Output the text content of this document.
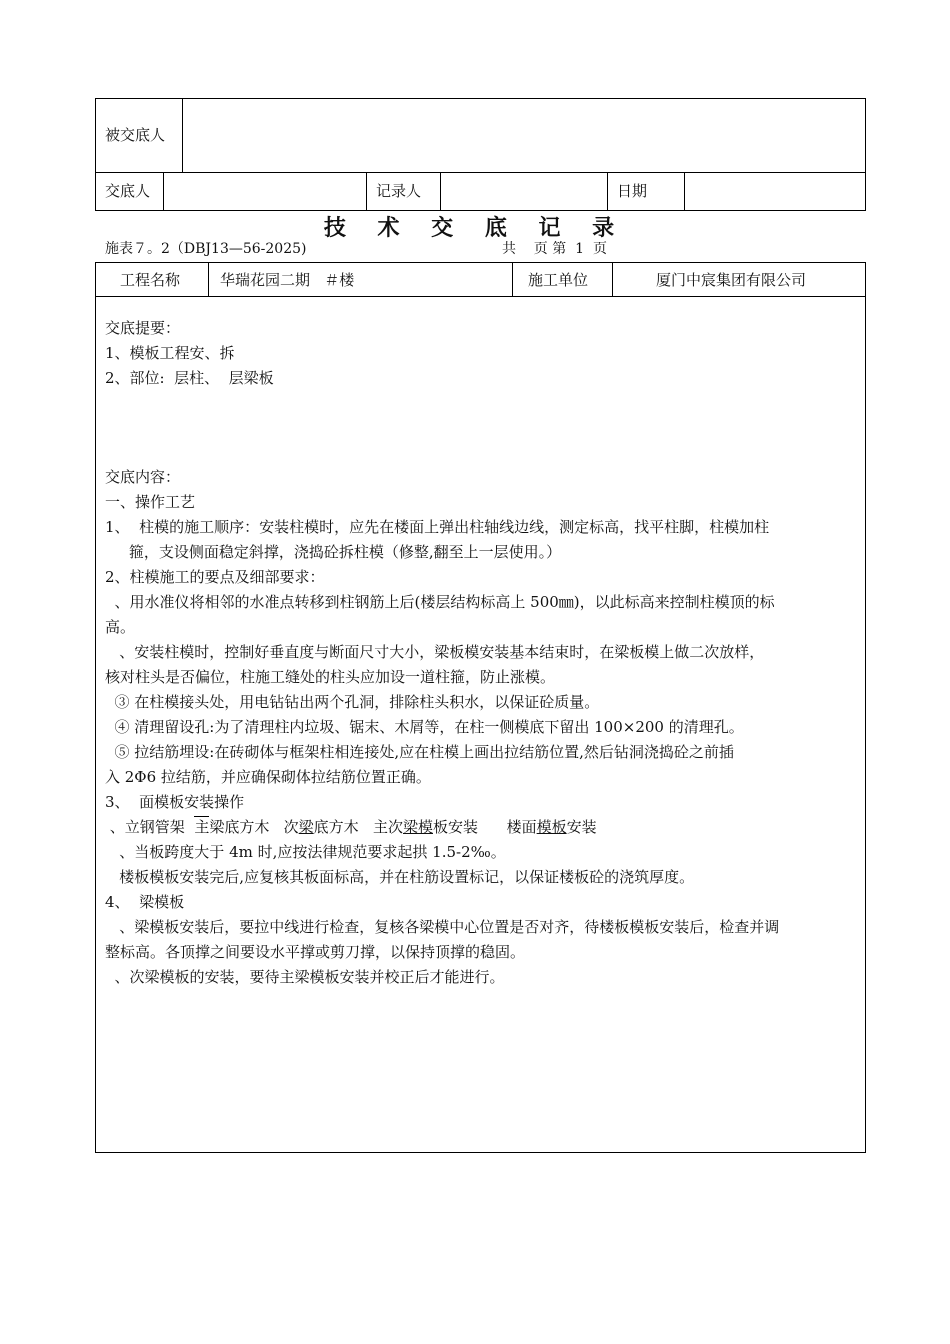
被交底人
交底人	记录人	日期
技 术 交 底 记 录
施表７。2（DBJ13—56-2025)	共    页 第  1  页
工程名称	华瑞花园二期   ＃楼	施工单位	厦门中宸集团有限公司
交底提要：
1、模板工程安、拆
2、部位:  层柱、  层梁板
交底内容：
一、操作工艺
1、  柱模的施工顺序：安装柱模时，应先在楼面上弹出柱轴线边线，测定标高，找平柱脚，柱模加柱
箍，支设侧面稳定斜撑，浇捣砼拆柱模（修整,翻至上一层使用。）
2、柱模施工的要点及细部要求：
、用水准仪将相邻的水准点转移到柱钢筋上后(楼层结构标高上 500㎜)，以此标高来控制柱模顶的标
高。
、安装柱模时，控制好垂直度与断面尺寸大小，梁板模安装基本结束时，在梁板模上做二次放样，
核对柱头是否偏位，柱施工缝处的柱头应加设一道柱箍，防止涨模。
③ 在柱模接头处，用电钻钻出两个孔洞，排除柱头积水，以保证砼质量。
④ 清理留设孔:为了清理柱内垃圾、锯末、木屑等，在柱一侧模底下留出 100×200 的清理孔。
⑤ 拉结筋埋设:在砖砌体与框架柱相连接处,应在柱模上画出拉结筋位置,然后钻洞浇捣砼之前插
入 2Φ6 拉结筋，并应确保砌体拉结筋位置正确。
3、  面模板安装操作
、立钢管架  主梁底方木   次梁底方木   主次梁模板安装      楼面模板安装
、当板跨度大于 4m 时,应按法律规范要求起拱 1.5-2‰。
楼板模板安装完后,应复核其板面标高，并在柱筋设置标记，以保证楼板砼的浇筑厚度。
4、  梁模板
、梁模板安装后，要拉中线进行检查，复核各梁模中心位置是否对齐，待楼板模板安装后，检查并调
整标高。各顶撑之间要设水平撑或剪刀撑，以保持顶撑的稳固。
、次梁模板的安装，要待主梁模板安装并校正后才能进行。
